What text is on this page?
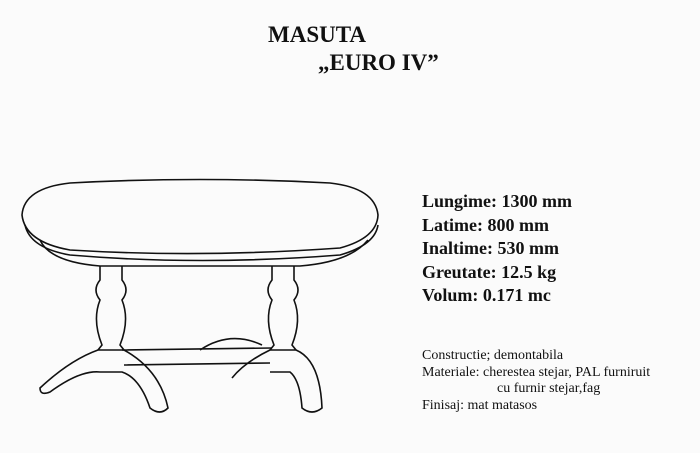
MASUTA
„EURO IV”
Lungime: 1300 mm
Latime: 800 mm
Inaltime: 530 mm
Greutate: 12.5 kg
Volum: 0.171 mc
Constructie; demontabila
Materiale: cherestea stejar, PAL furniruit
cu furnir stejar,fag
Finisaj: mat matasos
